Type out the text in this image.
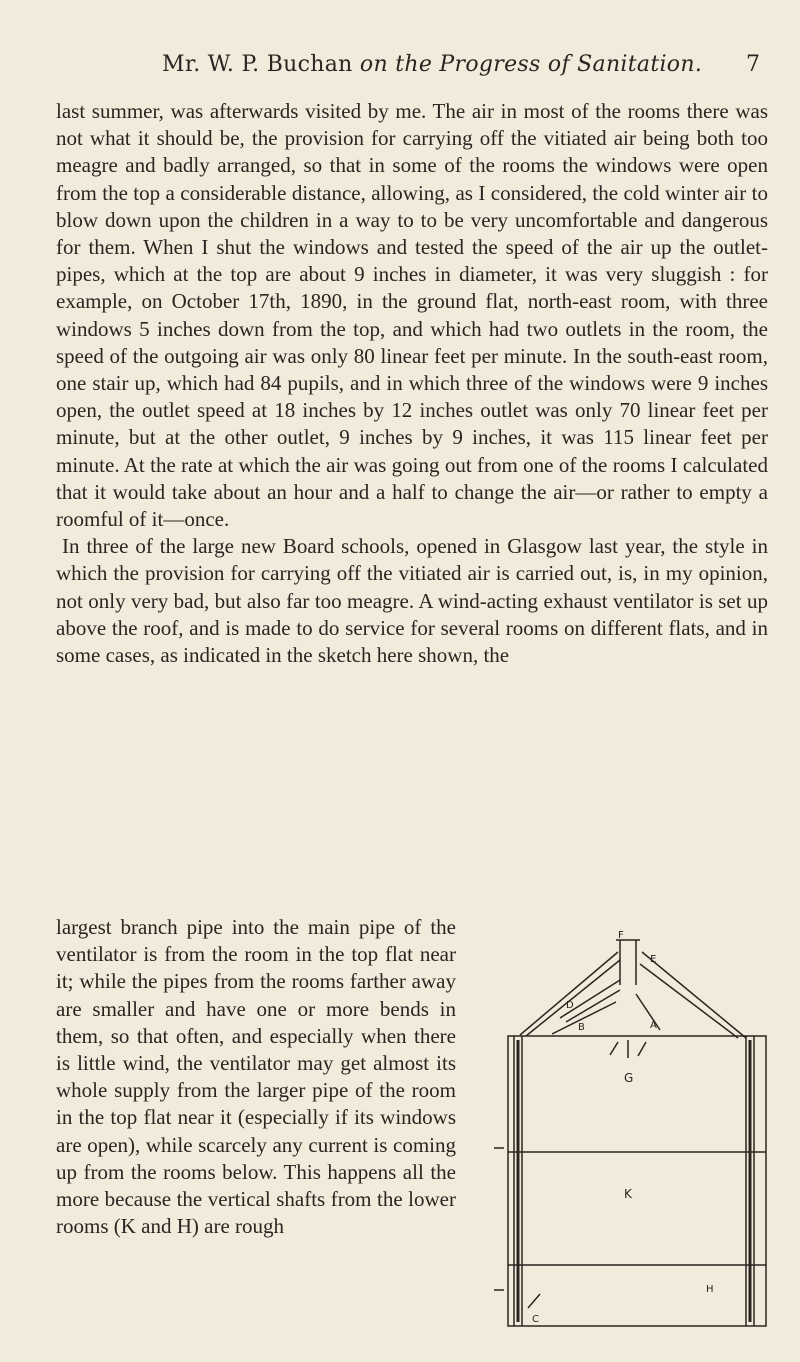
Mr. W. P. Buchan on the Progress of Sanitation.	7

last summer, was afterwards visited by me. The air in most of the rooms there was not what it should be, the provision for carrying off the vitiated air being both too meagre and badly arranged, so that in some of the rooms the windows were open from the top a considerable distance, allowing, as I considered, the cold winter air to blow down upon the children in a way to to be very uncomfortable and dangerous for them. When I shut the windows and tested the speed of the air up the outlet-pipes, which at the top are about 9 inches in diameter, it was very sluggish : for example, on October 17th, 1890, in the ground flat, north-east room, with three windows 5 inches down from the top, and which had two outlets in the room, the speed of the outgoing air was only 80 linear feet per minute. In the south-east room, one stair up, which had 84 pupils, and in which three of the windows were 9 inches open, the outlet speed at 18 inches by 12 inches outlet was only 70 linear feet per minute, but at the other outlet, 9 inches by 9 inches, it was 115 linear feet per minute. At the rate at which the air was going out from one of the rooms I calculated that it would take about an hour and a half to change the air—or rather to empty a roomful of it—once.

In three of the large new Board schools, opened in Glasgow last year, the style in which the provision for carrying off the vitiated air is carried out, is, in my opinion, not only very bad, but also far too meagre. A wind-acting exhaust ventilator is set up above the roof, and is made to do service for several rooms on different flats, and in some cases, as indicated in the sketch here shown, the

largest branch pipe into the main pipe of the ventilator is from the room in the top flat near it; while the pipes from the rooms farther away are smaller and have one or more bends in them, so that often, and especially when there is little wind, the ventilator may get almost its whole supply from the larger pipe of the room in the top flat near it (especially if its windows are open), while scarcely any current is coming up from the rooms below. This happens all the more because the vertical shafts from the lower rooms (K and H) are rough

F
E
D
B	A
G
K
H
C
